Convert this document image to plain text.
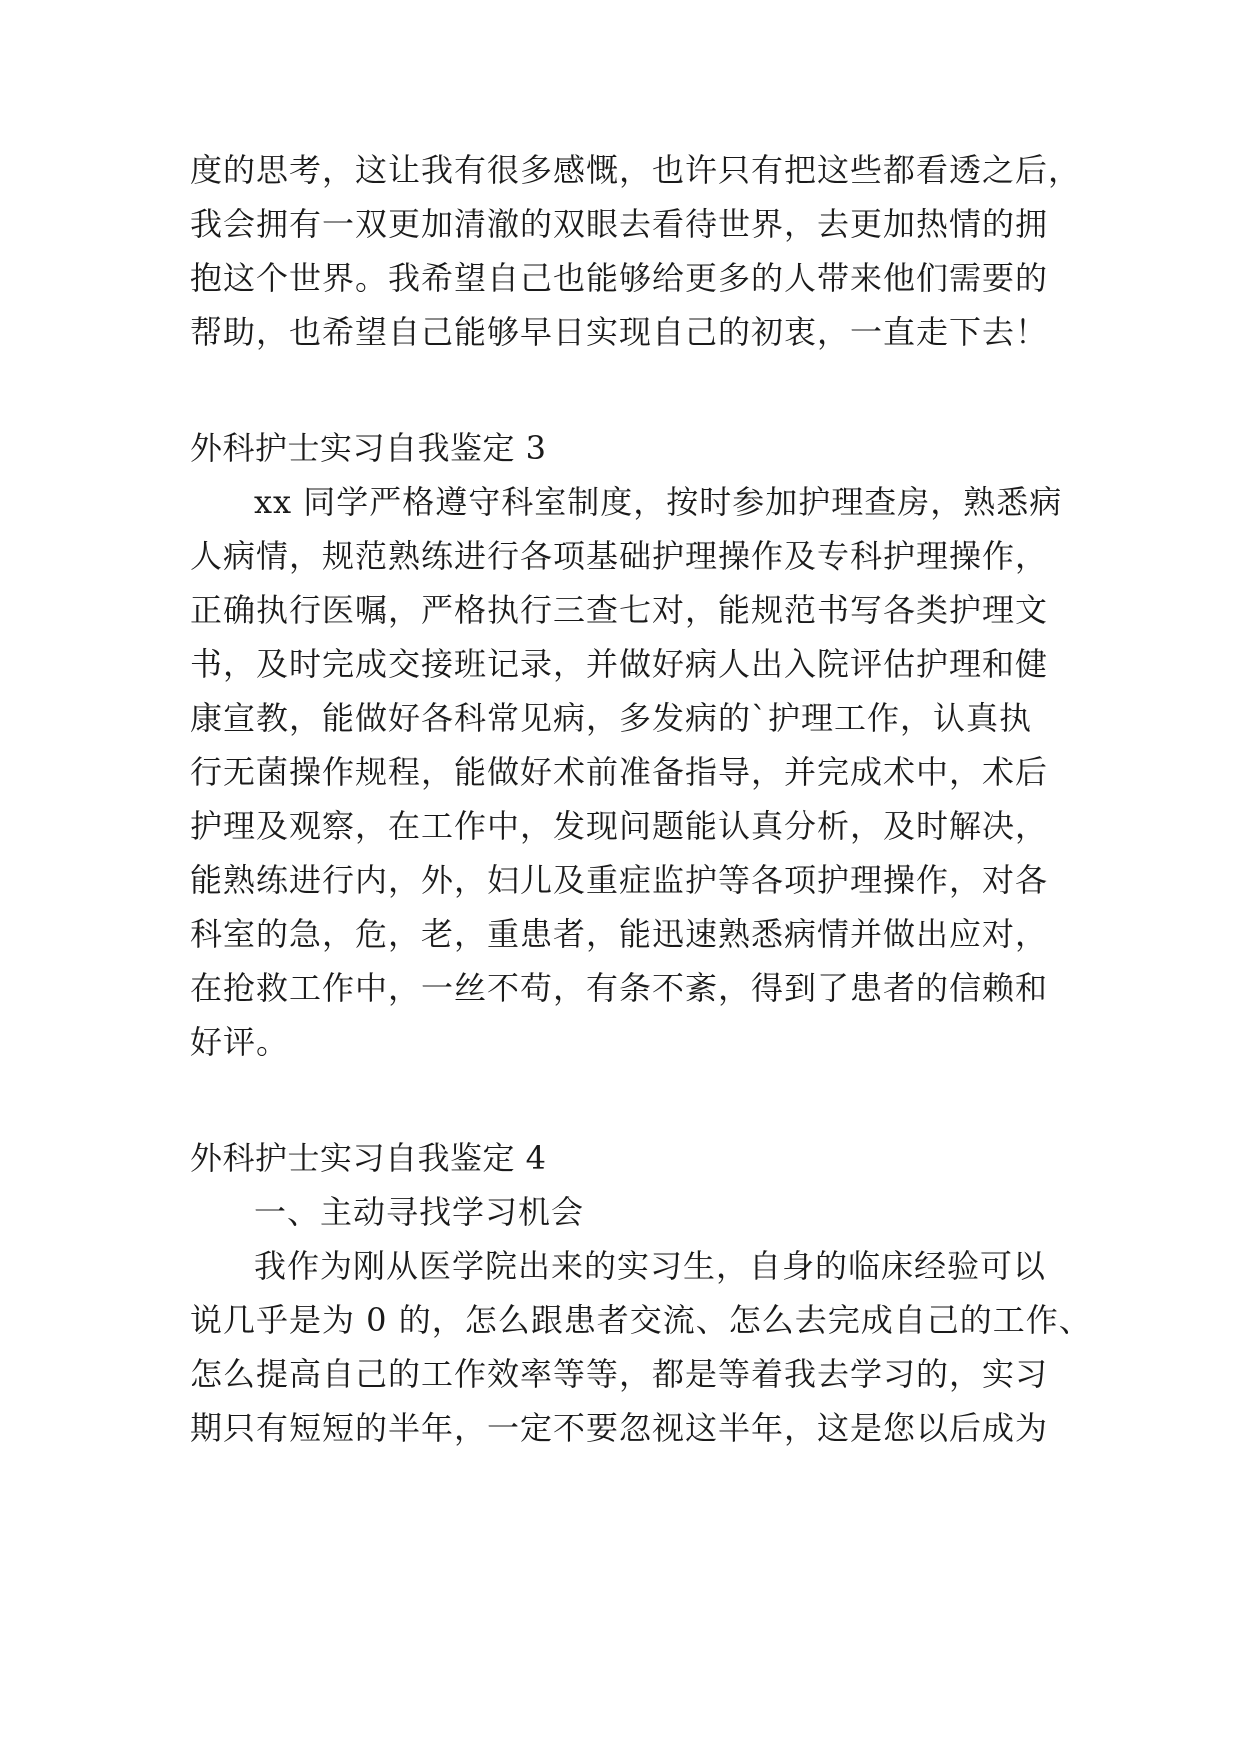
度的思考，这让我有很多感慨，也许只有把这些都看透之后，
我会拥有一双更加清澈的双眼去看待世界，去更加热情的拥
抱这个世界。我希望自己也能够给更多的人带来他们需要的
帮助，也希望自己能够早日实现自己的初衷，一直走下去！
外科护士实习自我鉴定 3
xx 同学严格遵守科室制度，按时参加护理查房，熟悉病
人病情，规范熟练进行各项基础护理操作及专科护理操作，
正确执行医嘱，严格执行三查七对，能规范书写各类护理文
书，及时完成交接班记录，并做好病人出入院评估护理和健
康宣教，能做好各科常见病，多发病的`护理工作，认真执
行无菌操作规程，能做好术前准备指导，并完成术中，术后
护理及观察，在工作中，发现问题能认真分析，及时解决，
能熟练进行内，外，妇儿及重症监护等各项护理操作，对各
科室的急，危，老，重患者，能迅速熟悉病情并做出应对，
在抢救工作中，一丝不苟，有条不紊，得到了患者的信赖和
好评。
外科护士实习自我鉴定 4
一、主动寻找学习机会
我作为刚从医学院出来的实习生，自身的临床经验可以
说几乎是为 0 的，怎么跟患者交流、怎么去完成自己的工作、
怎么提高自己的工作效率等等，都是等着我去学习的，实习
期只有短短的半年，一定不要忽视这半年，这是您以后成为
